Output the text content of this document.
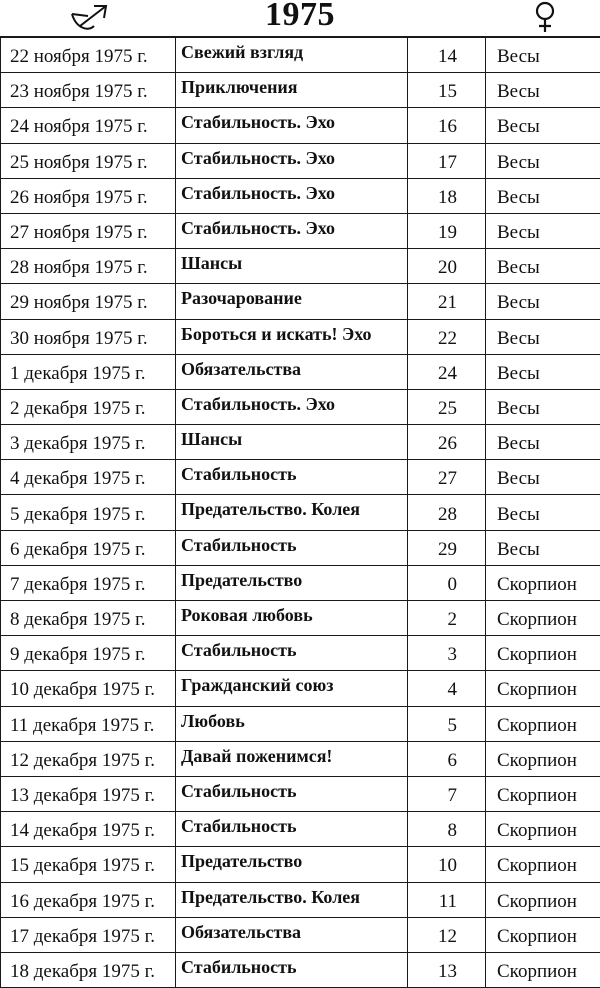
1975
22 ноября 1975 г.	Свежий взгляд	14	Весы
23 ноября 1975 г.	Приключения	15	Весы
24 ноября 1975 г.	Стабильность. Эхо	16	Весы
25 ноября 1975 г.	Стабильность. Эхо	17	Весы
26 ноября 1975 г.	Стабильность. Эхо	18	Весы
27 ноября 1975 г.	Стабильность. Эхо	19	Весы
28 ноября 1975 г.	Шансы	20	Весы
29 ноября 1975 г.	Разочарование	21	Весы
30 ноября 1975 г.	Бороться и искать! Эхо	22	Весы
1 декабря 1975 г.	Обязательства	24	Весы
2 декабря 1975 г.	Стабильность. Эхо	25	Весы
3 декабря 1975 г.	Шансы	26	Весы
4 декабря 1975 г.	Стабильность	27	Весы
5 декабря 1975 г.	Предательство. Колея	28	Весы
6 декабря 1975 г.	Стабильность	29	Весы
7 декабря 1975 г.	Предательство	0	Скорпион
8 декабря 1975 г.	Роковая любовь	2	Скорпион
9 декабря 1975 г.	Стабильность	3	Скорпион
10 декабря 1975 г.	Гражданский союз	4	Скорпион
11 декабря 1975 г.	Любовь	5	Скорпион
12 декабря 1975 г.	Давай поженимся!	6	Скорпион
13 декабря 1975 г.	Стабильность	7	Скорпион
14 декабря 1975 г.	Стабильность	8	Скорпион
15 декабря 1975 г.	Предательство	10	Скорпион
16 декабря 1975 г.	Предательство. Колея	11	Скорпион
17 декабря 1975 г.	Обязательства	12	Скорпион
18 декабря 1975 г.	Стабильность	13	Скорпион
